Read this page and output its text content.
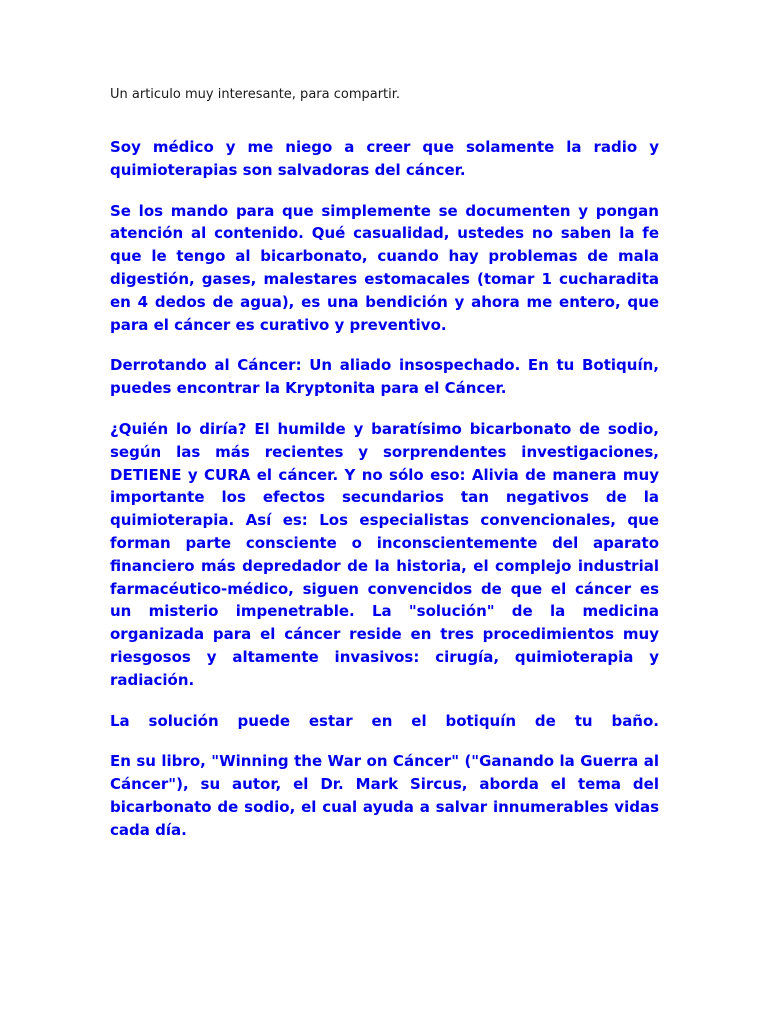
Un articulo muy interesante, para compartir.

Soy médico y me niego a creer que solamente la radio y quimioterapias son salvadoras del cáncer.

Se los mando para que simplemente se documenten y pongan atención al contenido. Qué casualidad, ustedes no saben la fe que le tengo al bicarbonato, cuando hay problemas de mala digestión, gases, malestares estomacales (tomar 1 cucharadita en 4 dedos de agua), es una bendición y ahora me entero, que para el cáncer es curativo y preventivo.

Derrotando al Cáncer: Un aliado insospechado. En tu Botiquín, puedes encontrar la Kryptonita para el Cáncer.

¿Quién lo diría? El humilde y baratísimo bicarbonato de sodio, según las más recientes y sorprendentes investigaciones, DETIENE y CURA el cáncer. Y no sólo eso: Alivia de manera muy importante los efectos secundarios tan negativos de la quimioterapia. Así es: Los especialistas convencionales, que forman parte consciente o inconscientemente del aparato financiero más depredador de la historia, el complejo industrial farmacéutico-médico, siguen convencidos de que el cáncer es un misterio impenetrable. La "solución" de la medicina organizada para el cáncer reside en tres procedimientos muy riesgosos y altamente invasivos: cirugía, quimioterapia y radiación.

La solución puede estar en el botiquín de tu baño.

En su libro, "Winning the War on Cáncer" ("Ganando la Guerra al Cáncer"), su autor, el Dr. Mark Sircus, aborda el tema del bicarbonato de sodio, el cual ayuda a salvar innumerables vidas cada día.
